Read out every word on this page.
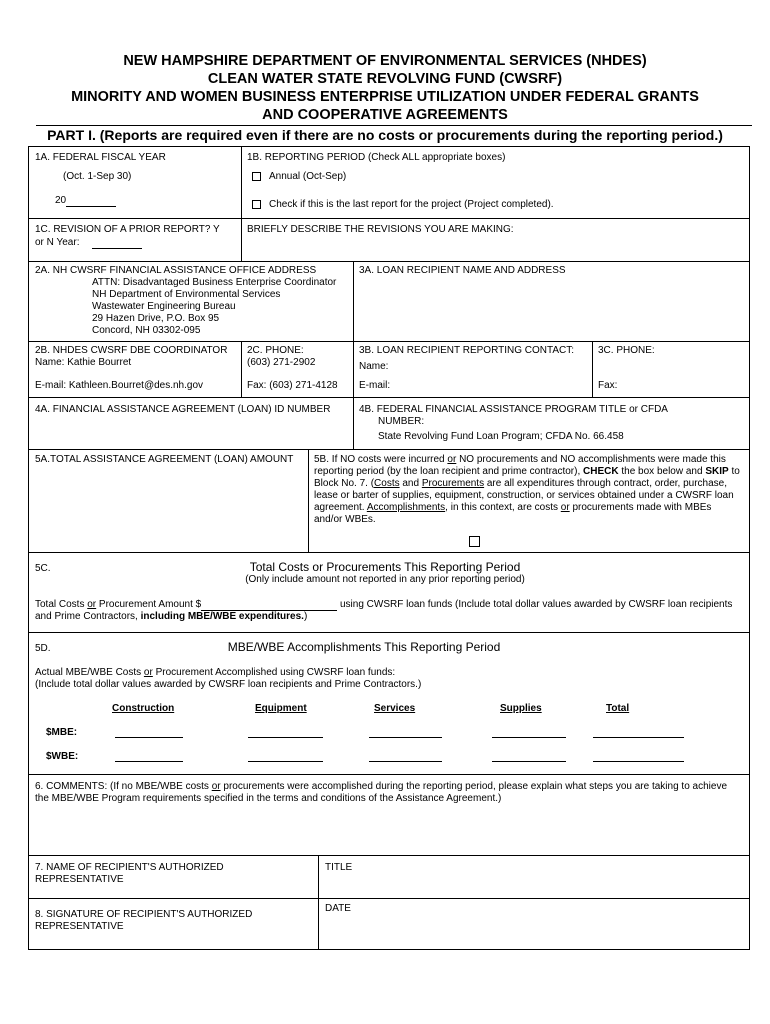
NEW HAMPSHIRE DEPARTMENT OF ENVIRONMENTAL SERVICES (NHDES)
CLEAN WATER STATE REVOLVING FUND (CWSRF)
MINORITY AND WOMEN BUSINESS ENTERPRISE UTILIZATION UNDER FEDERAL GRANTS
AND COOPERATIVE AGREEMENTS
PART I. (Reports are required even if there are no costs or procurements during the reporting period.)
1A. FEDERAL FISCAL YEAR
(Oct. 1-Sep 30)
20
1B. REPORTING PERIOD (Check ALL appropriate boxes)
Annual (Oct-Sep)
Check if this is the last report for the project (Project completed).
1C. REVISION OF A PRIOR REPORT? Y
or N Year:
BRIEFLY DESCRIBE THE REVISIONS YOU ARE MAKING:
2A. NH CWSRF FINANCIAL ASSISTANCE OFFICE ADDRESS
ATTN: Disadvantaged Business Enterprise Coordinator
NH Department of Environmental Services
Wastewater Engineering Bureau
29 Hazen Drive, P.O. Box 95
Concord, NH 03302-095
3A. LOAN RECIPIENT NAME AND ADDRESS
2B. NHDES CWSRF DBE COORDINATOR
Name: Kathie Bourret
E-mail: Kathleen.Bourret@des.nh.gov
2C. PHONE:
(603) 271-2902
Fax: (603) 271-4128
3B. LOAN RECIPIENT REPORTING CONTACT:
Name:
E-mail:
3C. PHONE:
Fax:
4A. FINANCIAL ASSISTANCE AGREEMENT (LOAN) ID NUMBER	4B. FEDERAL FINANCIAL ASSISTANCE PROGRAM TITLE or CFDA
NUMBER:
State Revolving Fund Loan Program; CFDA No. 66.458
5A.TOTAL ASSISTANCE AGREEMENT (LOAN) AMOUNT 5B. If NO costs were incurred or NO procurements and NO accomplishments were made this
reporting period (by the loan recipient and prime contractor), CHECK the box below and SKIP to
Block No. 7. (Costs and Procurements are all expenditures through contract, order, purchase,
lease or barter of supplies, equipment, construction, or services obtained under a CWSRF loan
agreement. Accomplishments, in this context, are costs or procurements made with MBEs
and/or WBEs.
5C.	Total Costs or Procurements This Reporting Period
(Only include amount not reported in any prior reporting period)
Total Costs or Procurement Amount $	using CWSRF loan funds (Include total dollar values awarded by CWSRF loan recipients
and Prime Contractors, including MBE/WBE expenditures.)
5D.	MBE/WBE Accomplishments This Reporting Period
Actual MBE/WBE Costs or Procurement Accomplished using CWSRF loan funds:
(Include total dollar values awarded by CWSRF loan recipients and Prime Contractors.)
Construction	Equipment	Services	Supplies	Total
$MBE:
$WBE:
6. COMMENTS: (If no MBE/WBE costs or procurements were accomplished during the reporting period, please explain what steps you are taking to achieve
the MBE/WBE Program requirements specified in the terms and conditions of the Assistance Agreement.)
7. NAME OF RECIPIENT'S AUTHORIZED
REPRESENTATIVE
TITLE
8. SIGNATURE OF RECIPIENT'S AUTHORIZED
REPRESENTATIVE
DATE
